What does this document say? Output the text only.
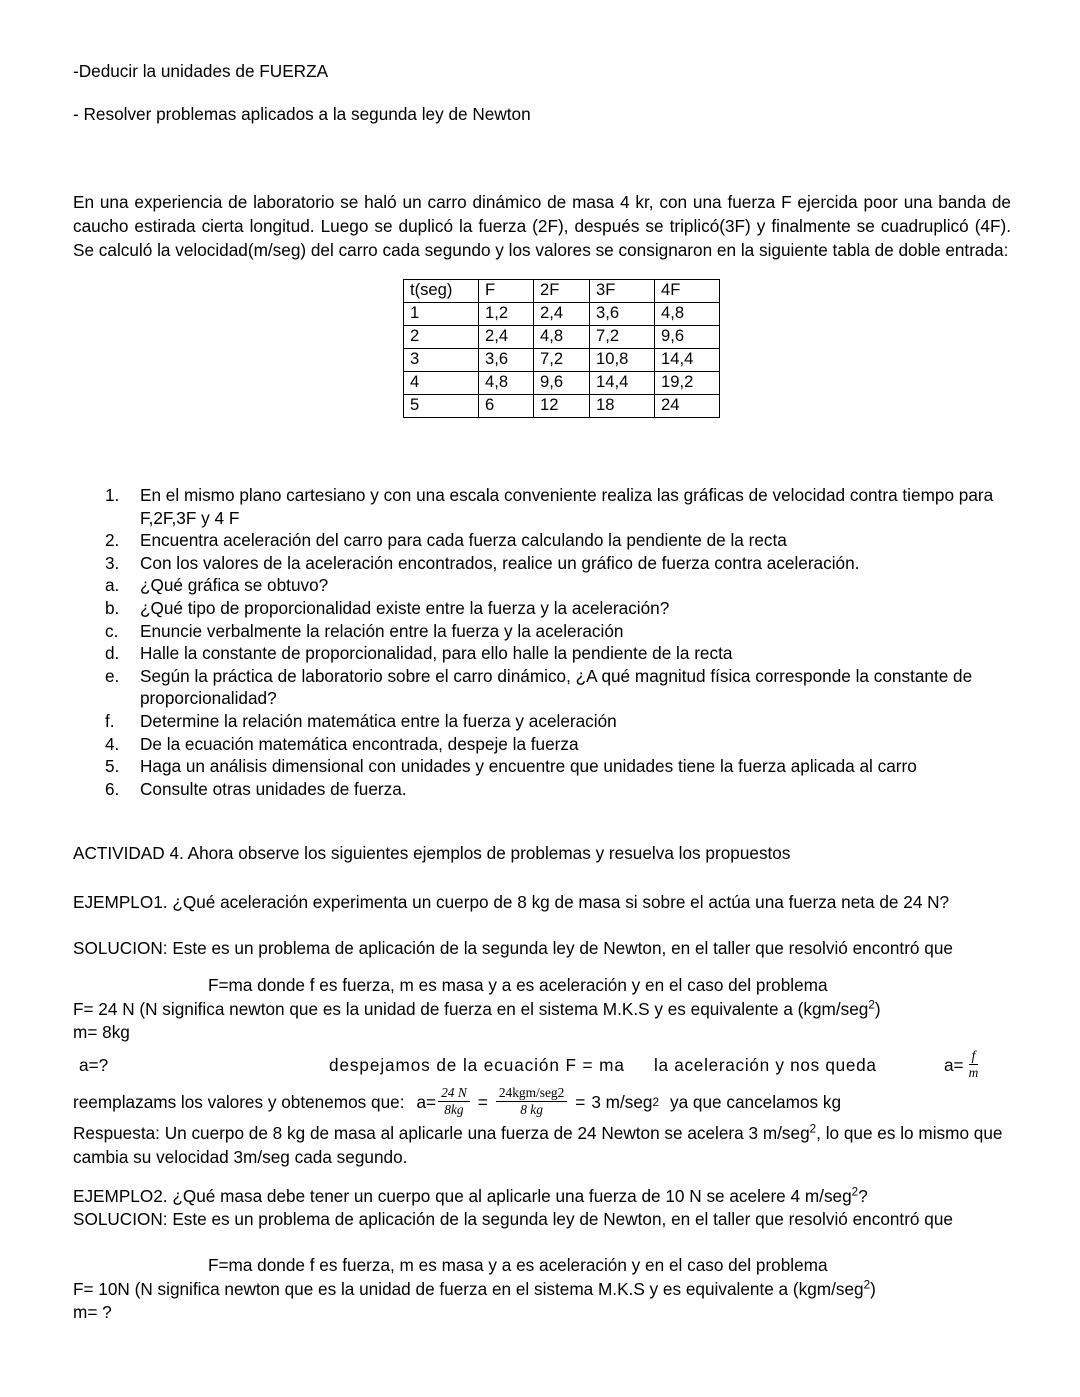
-Deducir la unidades de FUERZA
- Resolver problemas aplicados a la segunda ley de Newton
En una experiencia de laboratorio se haló un carro dinámico de masa 4 kr, con una fuerza F ejercida poor una banda de caucho estirada cierta longitud. Luego se duplicó la fuerza (2F), después se triplicó(3F) y finalmente se cuadruplicó (4F). Se calculó la velocidad(m/seg) del carro cada segundo y los valores se consignaron en la siguiente tabla de doble entrada:
t(seg)	F	2F	3F	4F
1	1,2	2,4	3,6	4,8
2	2,4	4,8	7,2	9,6
3	3,6	7,2	10,8	14,4
4	4,8	9,6	14,4	19,2
5	6	12	18	24
1.	En el mismo plano cartesiano y con una escala conveniente realiza las gráficas de velocidad contra tiempo para F,2F,3F y 4 F
2.	Encuentra aceleración del carro para cada fuerza calculando la pendiente de la recta
3.	Con los valores de la aceleración encontrados, realice un gráfico de fuerza contra aceleración.
a.	¿Qué gráfica se obtuvo?
b.	¿Qué tipo de proporcionalidad existe entre la fuerza y la aceleración?
c.	Enuncie verbalmente la relación entre la fuerza y la aceleración
d.	Halle la constante de proporcionalidad, para ello halle la pendiente de la recta
e.	Según la práctica de laboratorio sobre el carro dinámico, ¿A qué magnitud física corresponde la constante de proporcionalidad?
f.	Determine la relación matemática entre la fuerza y aceleración
4.	De la ecuación matemática encontrada, despeje la fuerza
5.	Haga un análisis dimensional con unidades y encuentre que unidades tiene la fuerza aplicada al carro
6.	Consulte otras unidades de fuerza.
ACTIVIDAD 4. Ahora observe los siguientes ejemplos de problemas y resuelva los propuestos
EJEMPLO1. ¿Qué aceleración experimenta un cuerpo de 8 kg de masa si sobre el actúa una fuerza neta de 24 N?
SOLUCION: Este es un problema de aplicación de la segunda ley de Newton, en el taller que resolvió encontró que
F=ma donde f es fuerza, m es masa y a es aceleración y en el caso del problema
F= 24 N (N significa newton que es la unidad de fuerza en el sistema M.K.S y es equivalente a (kgm/seg$^2$)
m= 8kg
a=?	despejamos de la ecuación F = ma	la aceleración y nos queda	$a= \frac{f}{m}$
reemplazams los valores y obtenemos que: $a= \frac{24 N}{8kg} = \frac{\text{24kgm/seg2}}{8 kg} = 3$ m/seg 2 ya que cancelamos kg
Respuesta: Un cuerpo de 8 kg de masa al aplicarle una fuerza de 24 Newton se acelera 3 m/seg$^2$, lo que es lo mismo que cambia su velocidad 3m/seg cada segundo.
EJEMPLO2. ¿Qué masa debe tener un cuerpo que al aplicarle una fuerza de 10 N se acelere 4 m/seg$^2$?
SOLUCION: Este es un problema de aplicación de la segunda ley de Newton, en el taller que resolvió encontró que
F=ma donde f es fuerza, m es masa y a es aceleración y en el caso del problema
F= 10N (N significa newton que es la unidad de fuerza en el sistema M.K.S y es equivalente a (kgm/seg$^2$)
m= ?
